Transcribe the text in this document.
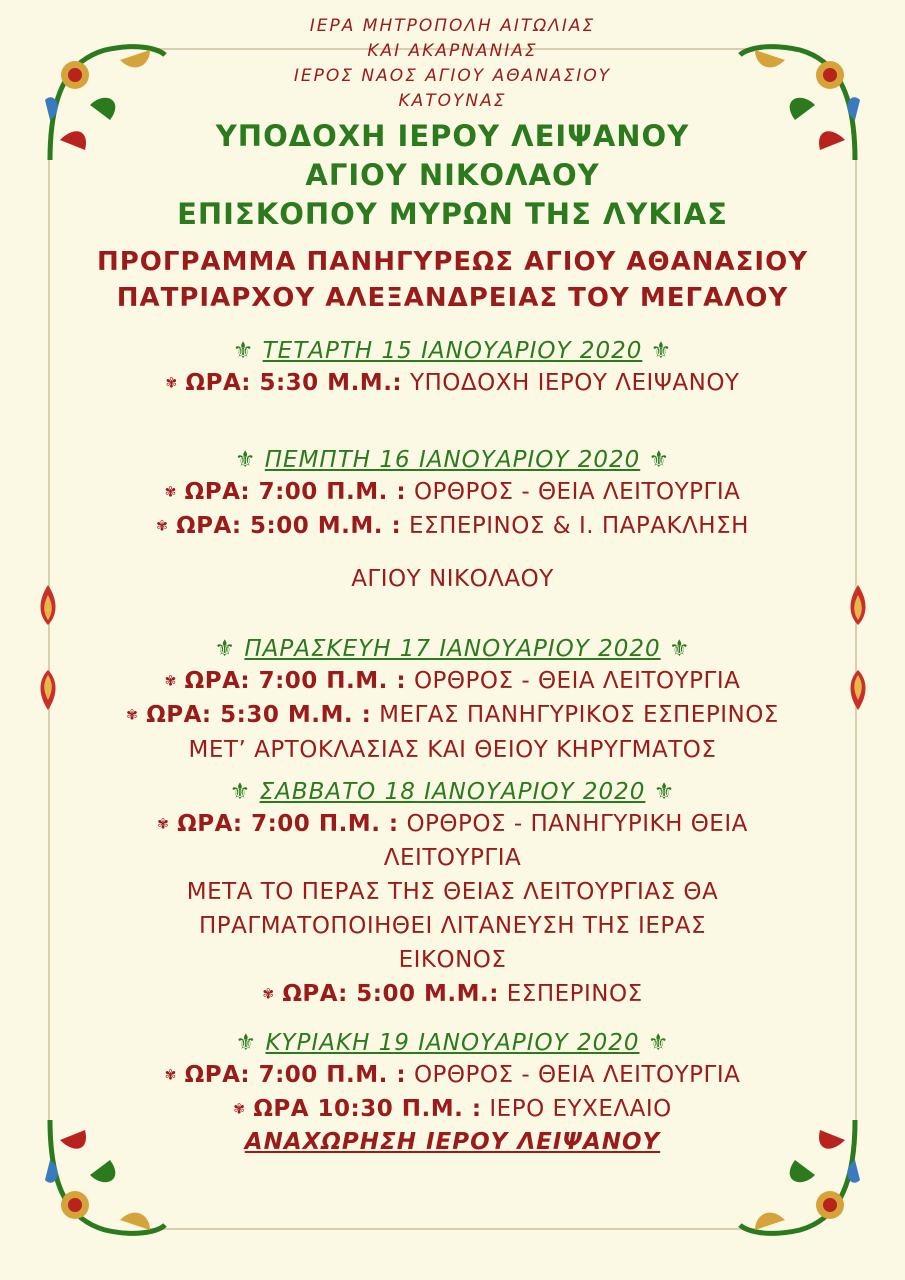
ΙΕΡΑ ΜΗΤΡΟΠΟΛΗ ΑΙΤΩΛΙΑΣ
ΚΑΙ ΑΚΑΡΝΑΝΙΑΣ
ΙΕΡΟΣ ΝΑΟΣ ΑΓΙΟΥ ΑΘΑΝΑΣΙΟΥ
ΚΑΤΟΥΝΑΣ
ΥΠΟΔΟΧΗ ΙΕΡΟΥ ΛΕΙΨΑΝΟΥ
ΑΓΙΟΥ ΝΙΚΟΛΑΟΥ
ΕΠΙΣΚΟΠΟΥ ΜΥΡΩΝ ΤΗΣ ΛΥΚΙΑΣ
ΠΡΟΓΡΑΜΜΑ ΠΑΝΗΓΥΡΕΩΣ ΑΓΙΟΥ ΑΘΑΝΑΣΙΟΥ
ΠΑΤΡΙΑΡΧΟΥ ΑΛΕΞΑΝΔΡΕΙΑΣ ΤΟΥ ΜΕΓΑΛΟΥ
⚜ ΤΕΤΑΡΤΗ 15 ΙΑΝΟΥΑΡΙΟΥ 2020 ⚜
✾ ΩΡΑ: 5:30 Μ.Μ.: ΥΠΟΔΟΧΗ ΙΕΡΟΥ ΛΕΙΨΑΝΟΥ
⚜ ΠΕΜΠΤΗ 16 ΙΑΝΟΥΑΡΙΟΥ 2020 ⚜
✾ ΩΡΑ: 7:00 Π.Μ. : ΟΡΘΡΟΣ - ΘΕΙΑ ΛΕΙΤΟΥΡΓΙΑ
✾ ΩΡΑ: 5:00 Μ.Μ. : ΕΣΠΕΡΙΝΟΣ & Ι. ΠΑΡΑΚΛΗΣΗ
ΑΓΙΟΥ ΝΙΚΟΛΑΟΥ
⚜ ΠΑΡΑΣΚΕΥΗ 17 ΙΑΝΟΥΑΡΙΟΥ 2020 ⚜
✾ ΩΡΑ: 7:00 Π.Μ. : ΟΡΘΡΟΣ - ΘΕΙΑ ΛΕΙΤΟΥΡΓΙΑ
✾ ΩΡΑ: 5:30 Μ.Μ. : ΜΕΓΑΣ ΠΑΝΗΓΥΡΙΚΟΣ ΕΣΠΕΡΙΝΟΣ
ΜΕΤ’ ΑΡΤΟΚΛΑΣΙΑΣ ΚΑΙ ΘΕΙΟΥ ΚΗΡΥΓΜΑΤΟΣ
⚜ ΣΑΒΒΑΤΟ 18 ΙΑΝΟΥΑΡΙΟΥ 2020 ⚜
✾ ΩΡΑ: 7:00 Π.Μ. : ΟΡΘΡΟΣ - ΠΑΝΗΓΥΡΙΚΗ ΘΕΙΑ
ΛΕΙΤΟΥΡΓΙΑ
ΜΕΤΑ ΤΟ ΠΕΡΑΣ ΤΗΣ ΘΕΙΑΣ ΛΕΙΤΟΥΡΓΙΑΣ ΘΑ
ΠΡΑΓΜΑΤΟΠΟΙΗΘΕΙ ΛΙΤΑΝΕΥΣΗ ΤΗΣ ΙΕΡΑΣ
ΕΙΚΟΝΟΣ
✾ ΩΡΑ: 5:00 Μ.Μ.: ΕΣΠΕΡΙΝΟΣ
⚜ ΚΥΡΙΑΚΗ 19 ΙΑΝΟΥΑΡΙΟΥ 2020 ⚜
✾ ΩΡΑ: 7:00 Π.Μ. : ΟΡΘΡΟΣ - ΘΕΙΑ ΛΕΙΤΟΥΡΓΙΑ
✾ ΩΡΑ 10:30 Π.Μ. : ΙΕΡΟ ΕΥΧΕΛΑΙΟ
ΑΝΑΧΩΡΗΣΗ ΙΕΡΟΥ ΛΕΙΨΑΝΟΥ
